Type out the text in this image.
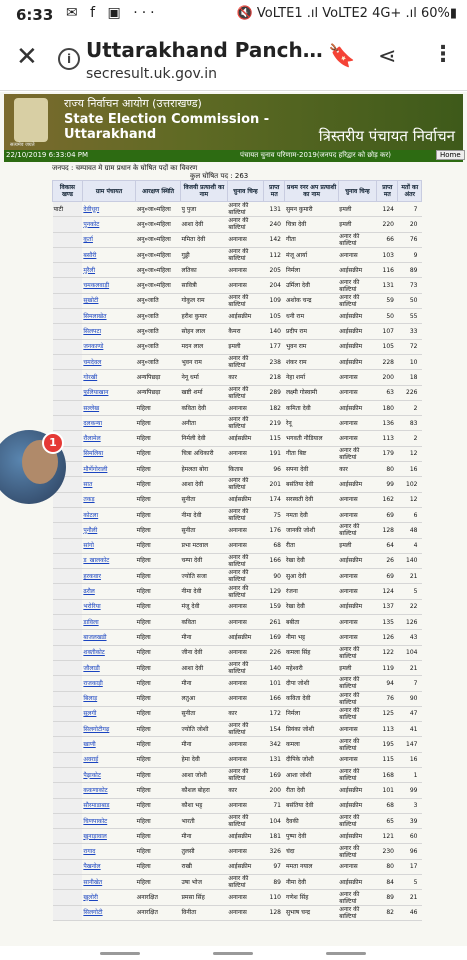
6:33 ✉ f ▣ ···	🔇 VoLTE1 .ıl VoLTE2 4G+ .ıl 60%▮
✕	i Uttarakhand Panch…
secresult.uk.gov.in
🔖 ⋖ ⋮
सत्यमेव जयते
राज्य निर्वाचन आयोग (उत्तराखण्ड)
State Election Commission -
Uttarakhand	त्रिस्तरीय पंचायत निर्वाचन
22/10/2019 6:33:04 PM	पंचायत चुनाव परिणाम-2019(जनपद हरिद्वार को छोड़ कर)	Home
जनपद : चम्पावत मे ग्राम प्रधान के घोषित पदों का विवरण
कुल घोषित पद : 263
विकास खण्ड	ग्राम पंचायत	आरक्षण स्थिति	विजयी प्रत्याशी का नाम	चुनाव चिन्ह	प्राप्त मत	प्रथम रनर अप प्रत्याशी का नाम	चुनाव चिन्ह	प्राप्त मत	मतों का अंतर
पाटी	देवीधूरा	अनु०जा०महिला	पु पुजा	अनार की बाल्टियां	131	सुमन कुमारी	इमली	124	7
	पुनकोट	अनु०जा०महिला	आशा देवी	अनार की बाल्टियां	240	चित्रा देवी	इमली	220	20
	कुर्ता	अनु०जा०महिला	ममिता देवी	अनानास	142	गीता	अनार की बाल्टियां	66	76
	बसौरी	अनु०जा०महिला	गुड्डी	अनार की बाल्टियां	112	मंजू आर्या	अनानास	103	9
	मुरैली	अनु०जा०महिला	लतिका	अनानास	205	निर्मला	आईसक्रीम	116	89
	चमकलवाड़ी	अनु०जा०महिला	सावित्री	अनानास	204	उर्मिला देवी	अनार की बाल्टियां	131	73
	सुखोटी	अनु०जाति	गोकुल राम	अनार की बाल्टियां	109	अशोक चन्द्र	अनार की बाल्टियां	59	50
	सिमलाखेत	अनु०जाति	हरीश कुमार	आईसक्रीम	105	धनी राम	आईसक्रीम	50	55
	सिलपटा	अनु०जाति	सोहन लाल	कैमरा	140	प्रदीप राम	आईसक्रीम	107	33
	जनकाण्डे	अनु०जाति	मदन लाल	इमली	177	भुवन राम	आईसक्रीम	105	72
	चमदेवल	अनु०जाति	भुवन राम	अनार की बाल्टियां	238	शंकर राम	आईसक्रीम	228	10
	गोरखी	अन्यपिछड़ा	नेनू धर्मा	कार	218	नेहा शर्मा	अनानास	200	18
	फुलियाखान	अन्यपिछड़ा	खष्टी शर्मा	अनार की बाल्टियां	289	लक्ष्मी गोस्वामी	अनानास	63	226
	सल्लेख	महिला	कविता देवी	अनानास	182	कमिता देवी	आईसक्रीम	180	2
	दलकन्या	महिला	अनीता	अनार की बाल्टियां	219	रेनू	अनानास	136	83
	रौलामेल	महिला	निर्मली देवी	आईसक्रीम	115	भगवती नौडियाल	अनानास	113	2
	सिमलिया	महिला	चित्रा अधिकारी	अनानास	191	गीता बिष्ट	अनार की बाल्टियां	179	12
	मौर्णेगोराली	महिला	हेमलता बोरा	किताब	96	सपना देवी	कार	80	16
	सात	महिला	आशा देवी	अनार की बाल्टियां	201	बसंतिया देवी	आईसक्रीम	99	102
	तकड़	महिला	सुनीता	आईसक्रीम	174	सरस्वती देवी	अनानास	162	12
	कोटला	महिला	नीमा देवी	अनार की बाल्टियां	75	नमता देवी	अनानास	69	6
	पुनौली	महिला	सुनीता	अनानास	176	जानकी जोशी	अनार की बाल्टियां	128	48
	सांगो	महिला	प्रभा मटवाल	अनानास	68	रीता	इमली	64	4
	ड_खालकोट	महिला	चम्पा देवी	अनार की बाल्टियां	166	रेखा देवी	आईसक्रीम	26	140
	हरकवार	महिला	ज्योति सजा	अनार की बाल्टियां	90	सुआ देवी	अनानास	69	21
	ढरौल	महिला	नीमा देवी	अनार की बाल्टियां	129	रंजना	अनानास	124	5
	भरोरिया	महिला	मंजू देवी	अनानास	159	रेखा देवी	आईसक्रीम	137	22
	डाविला	महिला	कविता	अनानास	261	बबीता	अनानास	135	126
	बाजलखडी	महिला	मीना	आईसक्रीम	169	नीमा भट्ट	अनानास	126	43
	शक्तीकोट	महिला	जीना देवी	अनानास	226	कमला सिंह	अनार की बाल्टियां	122	104
	जौलाडी	महिला	आशा देवी	अनार की बाल्टियां	140	महेश्वरी	इमली	119	21
	राजकाड़ी	महिला	मीना	अनानास	101	दीपा जोशी	अनार की बाल्टियां	94	7
	बिलाड़	महिला	लतुआ	अनानास	166	कविता देवी	अनार की बाल्टियां	76	90
	सुलगी	महिला	सुनीता	कार	172	निर्मला	अनार की बाल्टियां	125	47
	सिलगोटीगढ़	महिला	ज्योति जोशी	अनार की बाल्टियां	154	प्रियंका जोशी	अनानास	113	41
	खाणी	महिला	मीना	अनानास	342	कमला	अनार की बाल्टियां	195	147
	अवराई	महिला	हेमा देवी	अनानास	131	दीपिके जोशी	अनानास	115	16
	पैढ़ाकोट	महिला	आशा जोशी	अनार की बाल्टियां	169	आशा जोशी	अनार की बाल्टियां	168	1
	ककणाकोट	महिला	कौशल बोहरा	कार	200	रीता देवी	आईसक्रीम	101	99
	सौरमाडाबाड	महिला	कौशा भट्ट	अनानास	71	बसंतिया देवी	आईसक्रीम	68	3
	चिणपाकोट	महिला	भारती	अनार की बाल्टियां	104	दैवकी	अनार की बाल्टियां	65	39
	खुनाड़ावाल	महिला	मीना	आईसक्रीम	181	पुष्पा देवी	आईसक्रीम	121	60
	रागाद	महिला	तुलसी	अनानास	326	चंदा	अनार की बाल्टियां	230	96
	पैखनोल	महिला	राखी	आईसक्रीम	97	ममता नयाल	अनानास	80	17
	सानीखेत	महिला	उषा भोज	अनार की बाल्टियां	89	नीमा देवी	आईसक्रीम	84	5
	खुलोरी	अनारक्षित	प्रमसा सिंह	अनानास	110	गणेश सिंह	अनार की बाल्टियां	89	21
	सिलगोटी	अनारक्षित	विनीता	अनानास	128	सुभाष चन्द्र	अनार की बाल्टियां	82	46
1
